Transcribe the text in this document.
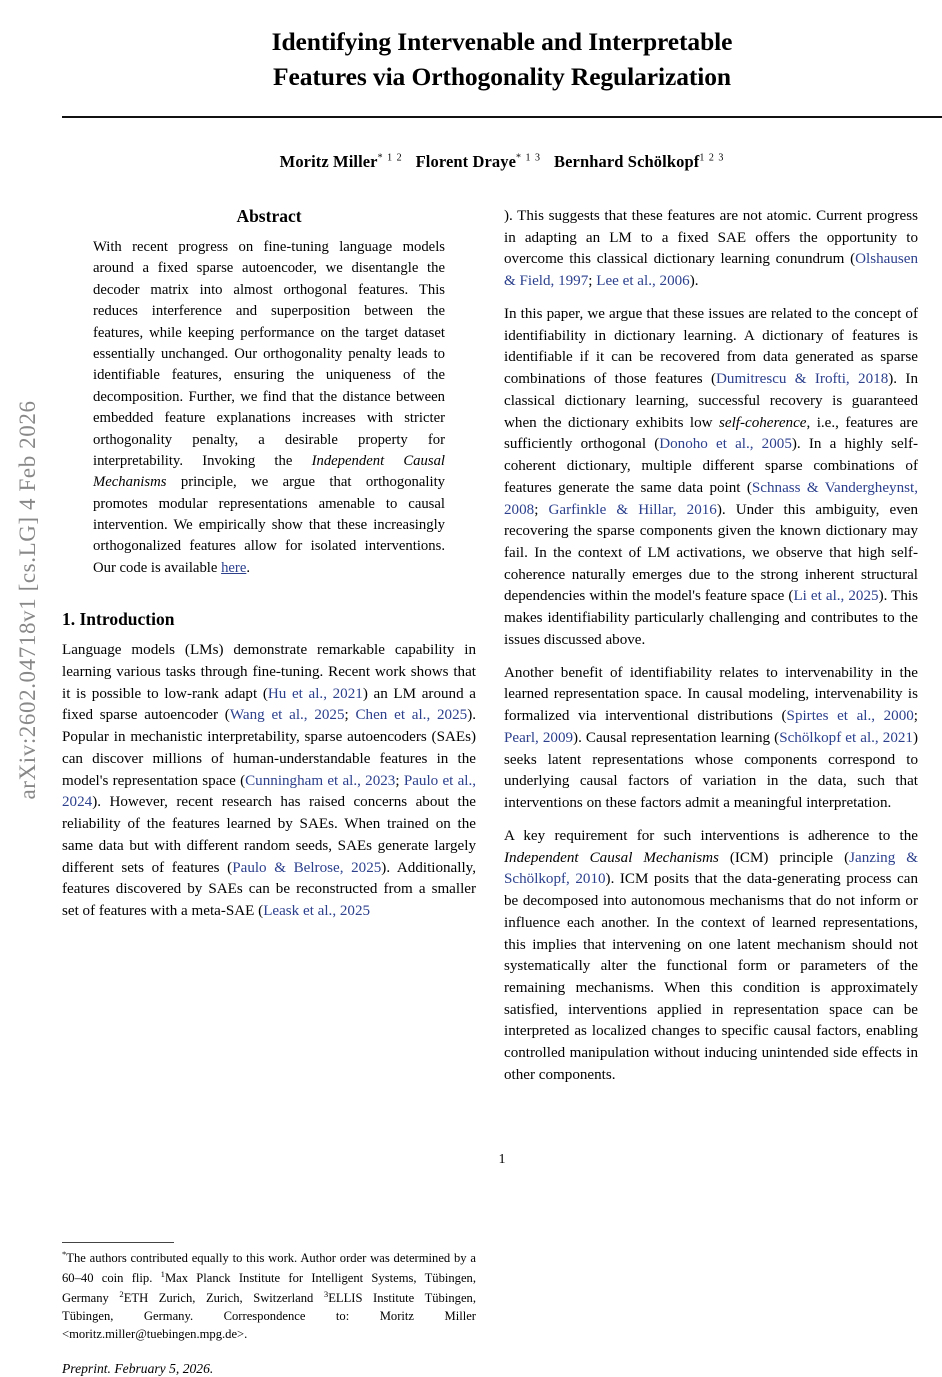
arXiv:2602.04718v1 [cs.LG] 4 Feb 2026
Identifying Intervenable and Interpretable
Features via Orthogonality Regularization
Moritz Miller$^{* 1 2}$ Florent Draye$^{* 1 3}$ Bernhard Schölkopf$^{1 2 3}$
Abstract
With recent progress on fine-tuning language models around a fixed sparse autoencoder, we disentangle the decoder matrix into almost orthogonal features. This reduces interference and superposition between the features, while keeping performance on the target dataset essentially unchanged. Our orthogonality penalty leads to identifiable features, ensuring the uniqueness of the decomposition. Further, we find that the distance between embedded feature explanations increases with stricter orthogonality penalty, a desirable property for interpretability. Invoking the Independent Causal Mechanisms principle, we argue that orthogonality promotes modular representations amenable to causal intervention. We empirically show that these increasingly orthogonalized features allow for isolated interventions. Our code is available here.
1. Introduction

Language models (LMs) demonstrate remarkable capability in learning various tasks through fine-tuning. Recent work shows that it is possible to low-rank adapt (Hu et al., 2021) an LM around a fixed sparse autoencoder (Wang et al., 2025; Chen et al., 2025). Popular in mechanistic interpretability, sparse autoencoders (SAEs) can discover millions of human-understandable features in the model's representation space (Cunningham et al., 2023; Paulo et al., 2024). However, recent research has raised concerns about the reliability of the features learned by SAEs. When trained on the same data but with different random seeds, SAEs generate largely different sets of features (Paulo & Belrose, 2025). Additionally, features discovered by SAEs can be reconstructed from a smaller set of features with a meta-SAE (Leask et al., 2025

*The authors contributed equally to this work. Author order was determined by a 60–40 coin flip. $^1$Max Planck Institute for Intelligent Systems, Tübingen, Germany $^2$ETH Zurich, Zurich, Switzerland $^3$ELLIS Institute Tübingen, Tübingen, Germany. Correspondence to: Moritz Miller <moritz.miller@tuebingen.mpg.de>.

Preprint. February 5, 2026.

). This suggests that these features are not atomic. Current progress in adapting an LM to a fixed SAE offers the opportunity to overcome this classical dictionary learning conundrum (Olshausen & Field, 1997; Lee et al., 2006).

In this paper, we argue that these issues are related to the concept of identifiability in dictionary learning. A dictionary of features is identifiable if it can be recovered from data generated as sparse combinations of those features (Dumitrescu & Irofti, 2018). In classical dictionary learning, successful recovery is guaranteed when the dictionary exhibits low self-coherence, i.e., features are sufficiently orthogonal (Donoho et al., 2005). In a highly self-coherent dictionary, multiple different sparse combinations of features generate the same data point (Schnass & Vandergheynst, 2008; Garfinkle & Hillar, 2016). Under this ambiguity, even recovering the sparse components given the known dictionary may fail. In the context of LM activations, we observe that high self-coherence naturally emerges due to the strong inherent structural dependencies within the model's feature space (Li et al., 2025). This makes identifiability particularly challenging and contributes to the issues discussed above.

Another benefit of identifiability relates to intervenability in the learned representation space. In causal modeling, intervenability is formalized via interventional distributions (Spirtes et al., 2000; Pearl, 2009). Causal representation learning (Schölkopf et al., 2021) seeks latent representations whose components correspond to underlying causal factors of variation in the data, such that interventions on these factors admit a meaningful interpretation.

A key requirement for such interventions is adherence to the Independent Causal Mechanisms (ICM) principle (Janzing & Schölkopf, 2010). ICM posits that the data-generating process can be decomposed into autonomous mechanisms that do not inform or influence each another. In the context of learned representations, this implies that intervening on one latent mechanism should not systematically alter the functional form or parameters of the remaining mechanisms. When this condition is approximately satisfied, interventions applied in representation space can be interpreted as localized changes to specific causal factors, enabling controlled manipulation without inducing unintended side effects in other components.

1
